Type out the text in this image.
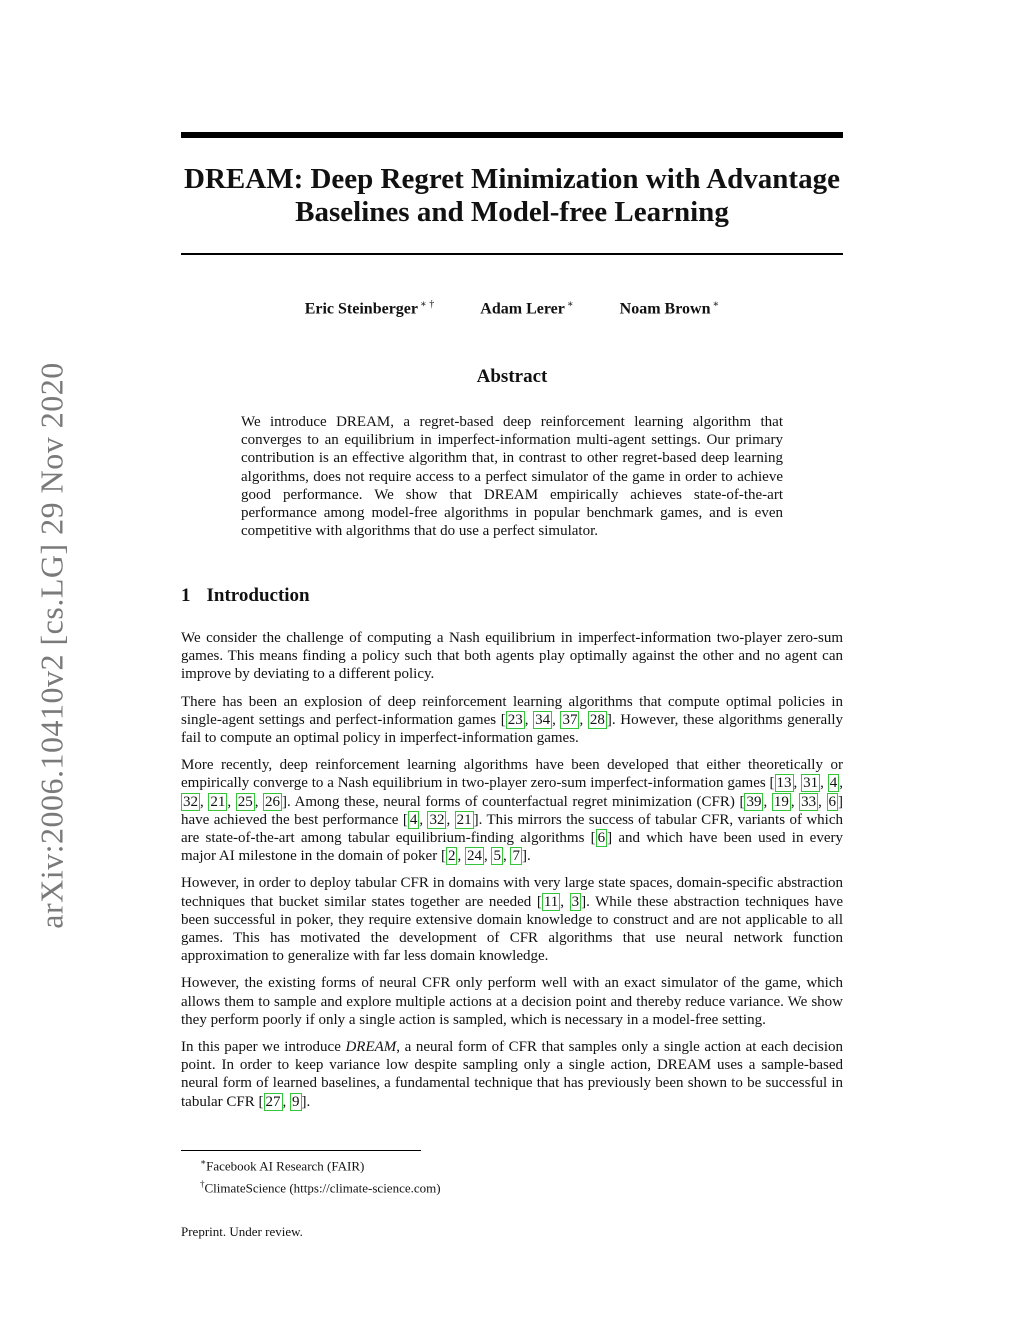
arXiv:2006.10410v2 [cs.LG] 29 Nov 2020
DREAM: Deep Regret Minimization with Advantage Baselines and Model-free Learning
Eric Steinberger ∗ †	Adam Lerer ∗	Noam Brown ∗
Abstract

We introduce DREAM, a regret-based deep reinforcement learning algorithm that converges to an equilibrium in imperfect-information multi-agent settings. Our primary contribution is an effective algorithm that, in contrast to other regret-based deep learning algorithms, does not require access to a perfect simulator of the game in order to achieve good performance. We show that DREAM empirically achieves state-of-the-art performance among model-free algorithms in popular benchmark games, and is even competitive with algorithms that do use a perfect simulator.

1 Introduction

We consider the challenge of computing a Nash equilibrium in imperfect-information two-player zero-sum games. This means finding a policy such that both agents play optimally against the other and no agent can improve by deviating to a different policy.

There has been an explosion of deep reinforcement learning algorithms that compute optimal policies in single-agent settings and perfect-information games [ 23 , 34 , 37 , 28 ]. However, these algorithms generally fail to compute an optimal policy in imperfect-information games.

More recently, deep reinforcement learning algorithms have been developed that either theoretically or empirically converge to a Nash equilibrium in two-player zero-sum imperfect-information games [ 13 , 31 , 4 , 32 , 21 , 25 , 26 ]. Among these, neural forms of counterfactual regret minimization (CFR) [ 39 , 19 , 33 , 6 ] have achieved the best performance [ 4 , 32 , 21 ]. This mirrors the success of tabular CFR, variants of which are state-of-the-art among tabular equilibrium-finding algorithms [ 6 ] and which have been used in every major AI milestone in the domain of poker [ 2 , 24 , 5 , 7 ].

However, in order to deploy tabular CFR in domains with very large state spaces, domain-specific abstraction techniques that bucket similar states together are needed [ 11 , 3 ]. While these abstraction techniques have been successful in poker, they require extensive domain knowledge to construct and are not applicable to all games. This has motivated the development of CFR algorithms that use neural network function approximation to generalize with far less domain knowledge.

However, the existing forms of neural CFR only perform well with an exact simulator of the game, which allows them to sample and explore multiple actions at a decision point and thereby reduce variance. We show they perform poorly if only a single action is sampled, which is necessary in a model-free setting.

In this paper we introduce DREAM, a neural form of CFR that samples only a single action at each decision point. In order to keep variance low despite sampling only a single action, DREAM uses a sample-based neural form of learned baselines, a fundamental technique that has previously been shown to be successful in tabular CFR [ 27 , 9 ].

∗Facebook AI Research (FAIR)
†ClimateScience (https://climate-science.com)
Preprint. Under review.
